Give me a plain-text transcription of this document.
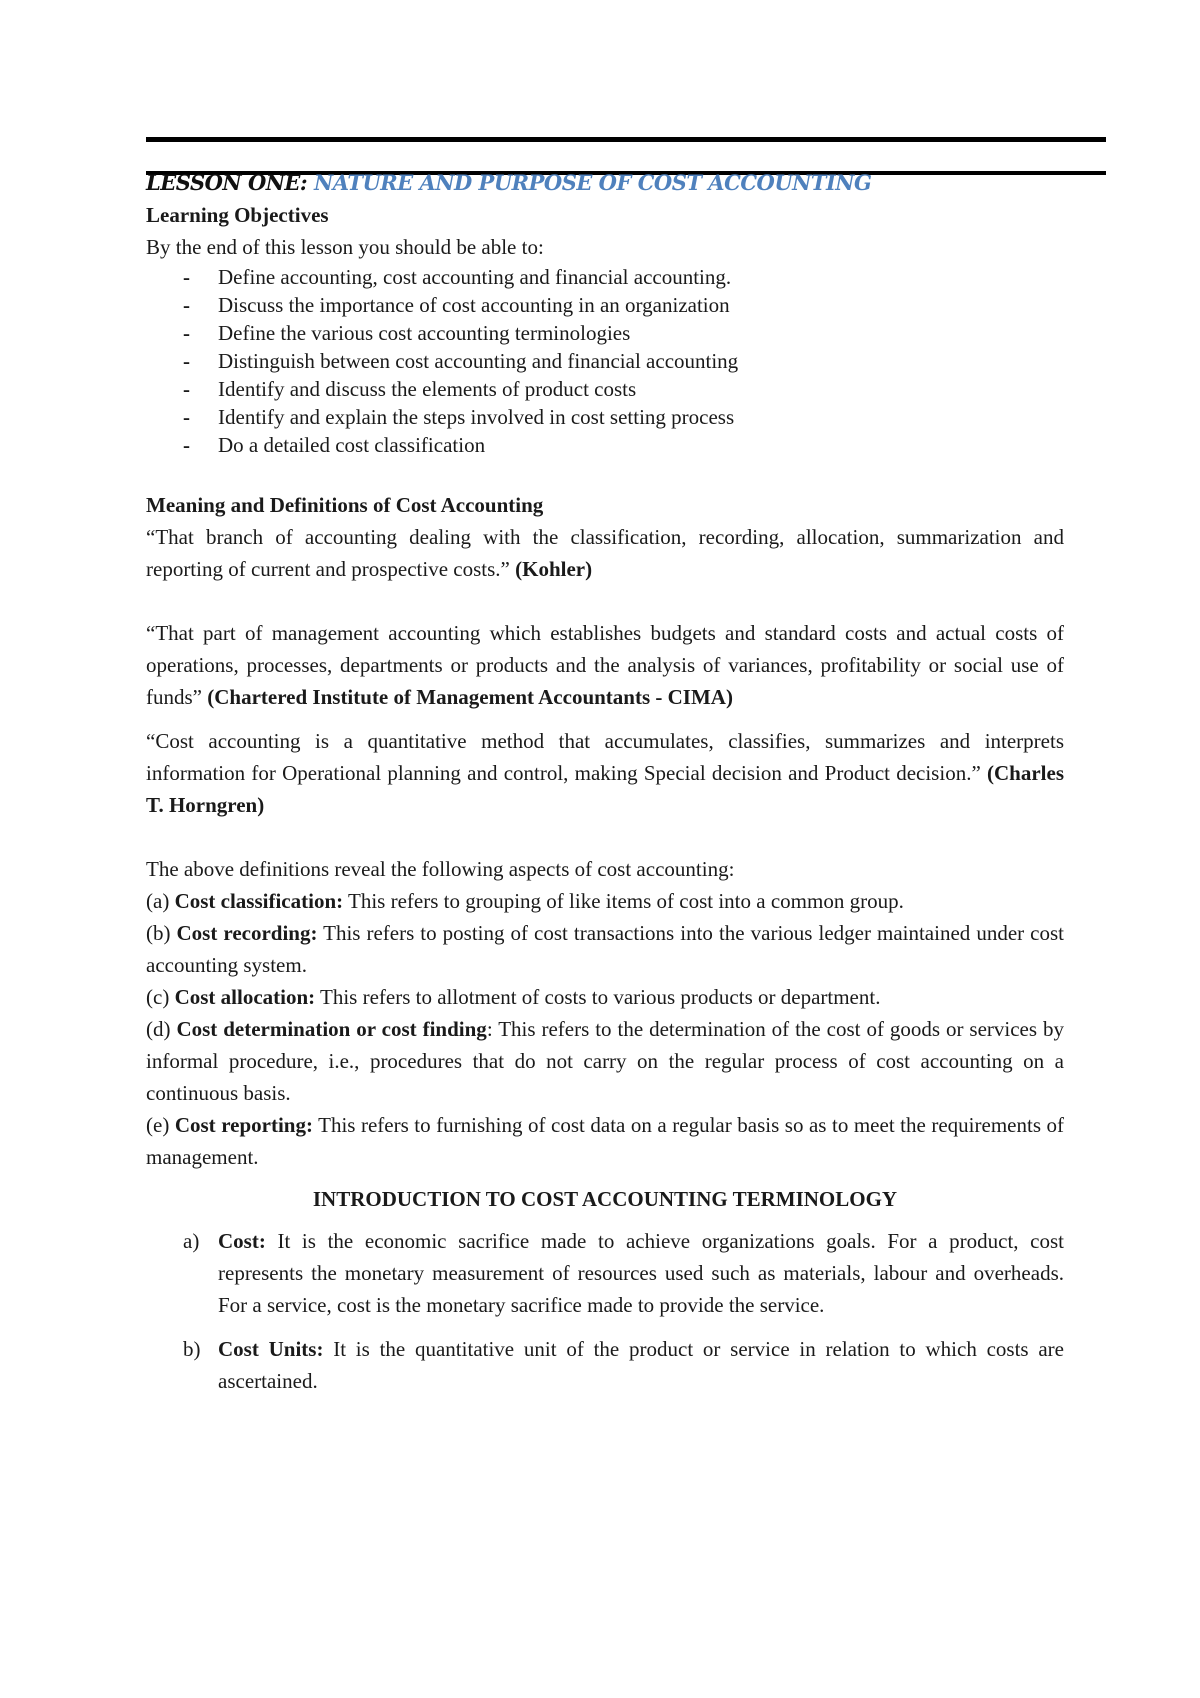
LESSON ONE: NATURE AND PURPOSE OF COST ACCOUNTING

Learning Objectives

By the end of this lesson you should be able to:

- Define accounting, cost accounting and financial accounting.
- Discuss the importance of cost accounting in an organization
- Define the various cost accounting terminologies
- Distinguish between cost accounting and financial accounting
- Identify and discuss the elements of product costs
- Identify and explain the steps involved in cost setting process
- Do a detailed cost classification

Meaning and Definitions of Cost Accounting

“That branch of accounting dealing with the classification, recording, allocation, summarization and reporting of current and prospective costs.” (Kohler)

“That part of management accounting which establishes budgets and standard costs and actual costs of operations, processes, departments or products and the analysis of variances, profitability or social use of funds” (Chartered Institute of Management Accountants - CIMA)

“Cost accounting is a quantitative method that accumulates, classifies, summarizes and interprets information for Operational planning and control, making Special decision and Product decision.” (Charles T. Horngren)

The above definitions reveal the following aspects of cost accounting:

(a) Cost classification: This refers to grouping of like items of cost into a common group.

(b) Cost recording: This refers to posting of cost transactions into the various ledger maintained under cost accounting system.

(c) Cost allocation: This refers to allotment of costs to various products or department.

(d) Cost determination or cost finding: This refers to the determination of the cost of goods or services by informal procedure, i.e., procedures that do not carry on the regular process of cost accounting on a continuous basis.

(e) Cost reporting: This refers to furnishing of cost data on a regular basis so as to meet the requirements of management.

INTRODUCTION TO COST ACCOUNTING TERMINOLOGY

a) Cost: It is the economic sacrifice made to achieve organizations goals. For a product, cost represents the monetary measurement of resources used such as materials, labour and overheads. For a service, cost is the monetary sacrifice made to provide the service.
b) Cost Units: It is the quantitative unit of the product or service in relation to which costs are ascertained.
